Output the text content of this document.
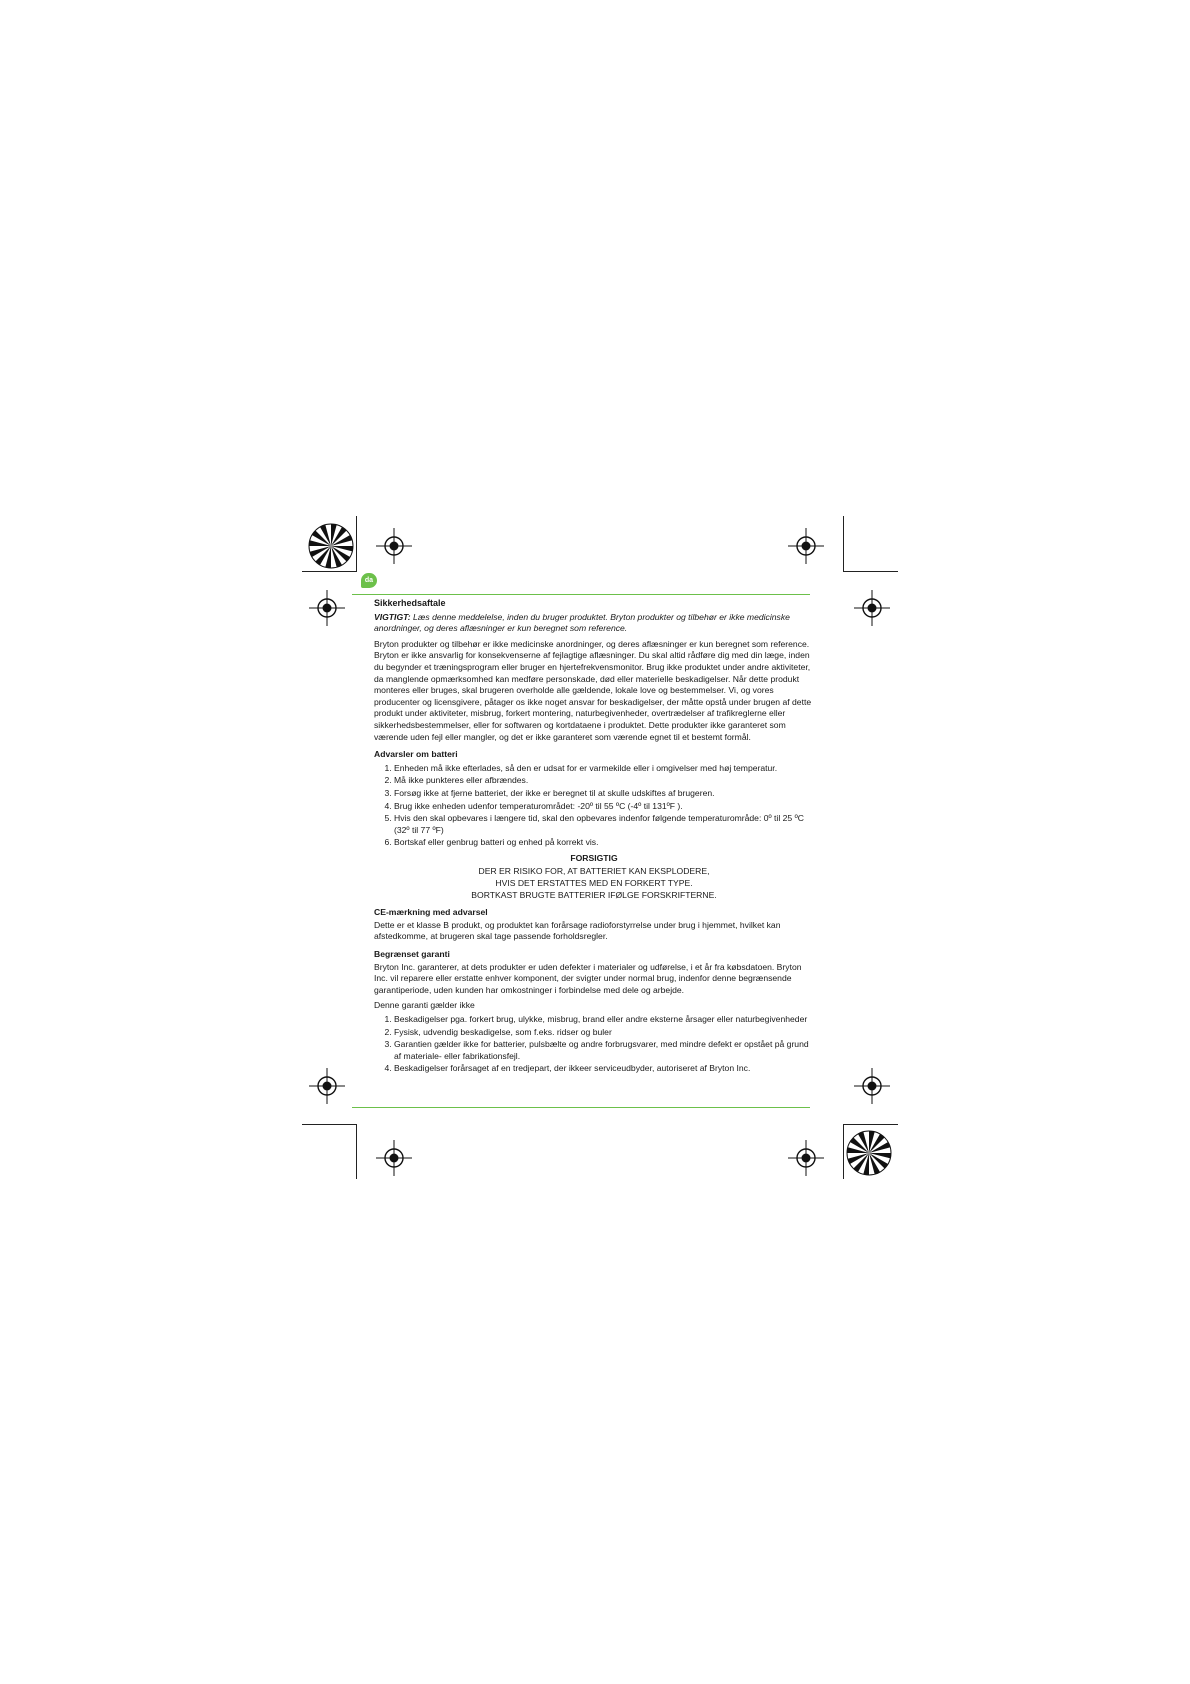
da
Sikkerhedsaftale

VIGTIGT: Læs denne meddelelse, inden du bruger produktet. Bryton produkter og tilbehør er ikke medicinske anordninger, og deres aflæsninger er kun beregnet som reference.

Bryton produkter og tilbehør er ikke medicinske anordninger, og deres aflæsninger er kun beregnet som reference. Bryton er ikke ansvarlig for konsekvenserne af fejlagtige aflæsninger. Du skal altid rådføre dig med din læge, inden du begynder et træningsprogram eller bruger en hjertefrekvensmonitor. Brug ikke produktet under andre aktiviteter, da manglende opmærksomhed kan medføre personskade, død eller materielle beskadigelser. Når dette produkt monteres eller bruges, skal brugeren overholde alle gældende, lokale love og bestemmelser. Vi, og vores producenter og licensgivere, påtager os ikke noget ansvar for beskadigelser, der måtte opstå under brugen af dette produkt under aktiviteter, misbrug, forkert montering, naturbegivenheder, overtrædelser af trafikreglerne eller sikkerhedsbestemmelser, eller for softwaren og kortdataene i produktet. Dette produkter ikke garanteret som værende uden fejl eller mangler, og det er ikke garanteret som værende egnet til et bestemt formål.

Advarsler om batteri
1. Enheden må ikke efterlades, så den er udsat for er varmekilde eller i omgivelser med høj temperatur.
2. Må ikke punkteres eller afbrændes.
3. Forsøg ikke at fjerne batteriet, der ikke er beregnet til at skulle udskiftes af brugeren.
4. Brug ikke enheden udenfor temperaturområdet: -20º til 55 ºC (-4º til 131ºF ).
5. Hvis den skal opbevares i længere tid, skal den opbevares indenfor følgende temperaturområde: 0º til 25 ºC (32º til 77 ºF)
6. Bortskaf eller genbrug batteri og enhed på korrekt vis.
FORSIGTIG
DER ER RISIKO FOR, AT BATTERIET KAN EKSPLODERE,
HVIS DET ERSTATTES MED EN FORKERT TYPE.
BORTKAST BRUGTE BATTERIER IFØLGE FORSKRIFTERNE.
CE-mærkning med advarsel

Dette er et klasse B produkt, og produktet kan forårsage radioforstyrrelse under brug i hjemmet, hvilket kan afstedkomme, at brugeren skal tage passende forholdsregler.

Begrænset garanti

Bryton Inc. garanterer, at dets produkter er uden defekter i materialer og udførelse, i et år fra købsdatoen. Bryton Inc. vil reparere eller erstatte enhver komponent, der svigter under normal brug, indenfor denne begrænsende garantiperiode, uden kunden har omkostninger i forbindelse med dele og arbejde.

Denne garanti gælder ikke

1. Beskadigelser pga. forkert brug, ulykke, misbrug, brand eller andre eksterne årsager eller naturbegivenheder
2. Fysisk, udvendig beskadigelse, som f.eks. ridser og buler
3. Garantien gælder ikke for batterier, pulsbælte og andre forbrugsvarer, med mindre defekt er opstået på grund af materiale- eller fabrikationsfejl.
4. Beskadigelser forårsaget af en tredjepart, der ikkeer serviceudbyder, autoriseret af Bryton Inc.
